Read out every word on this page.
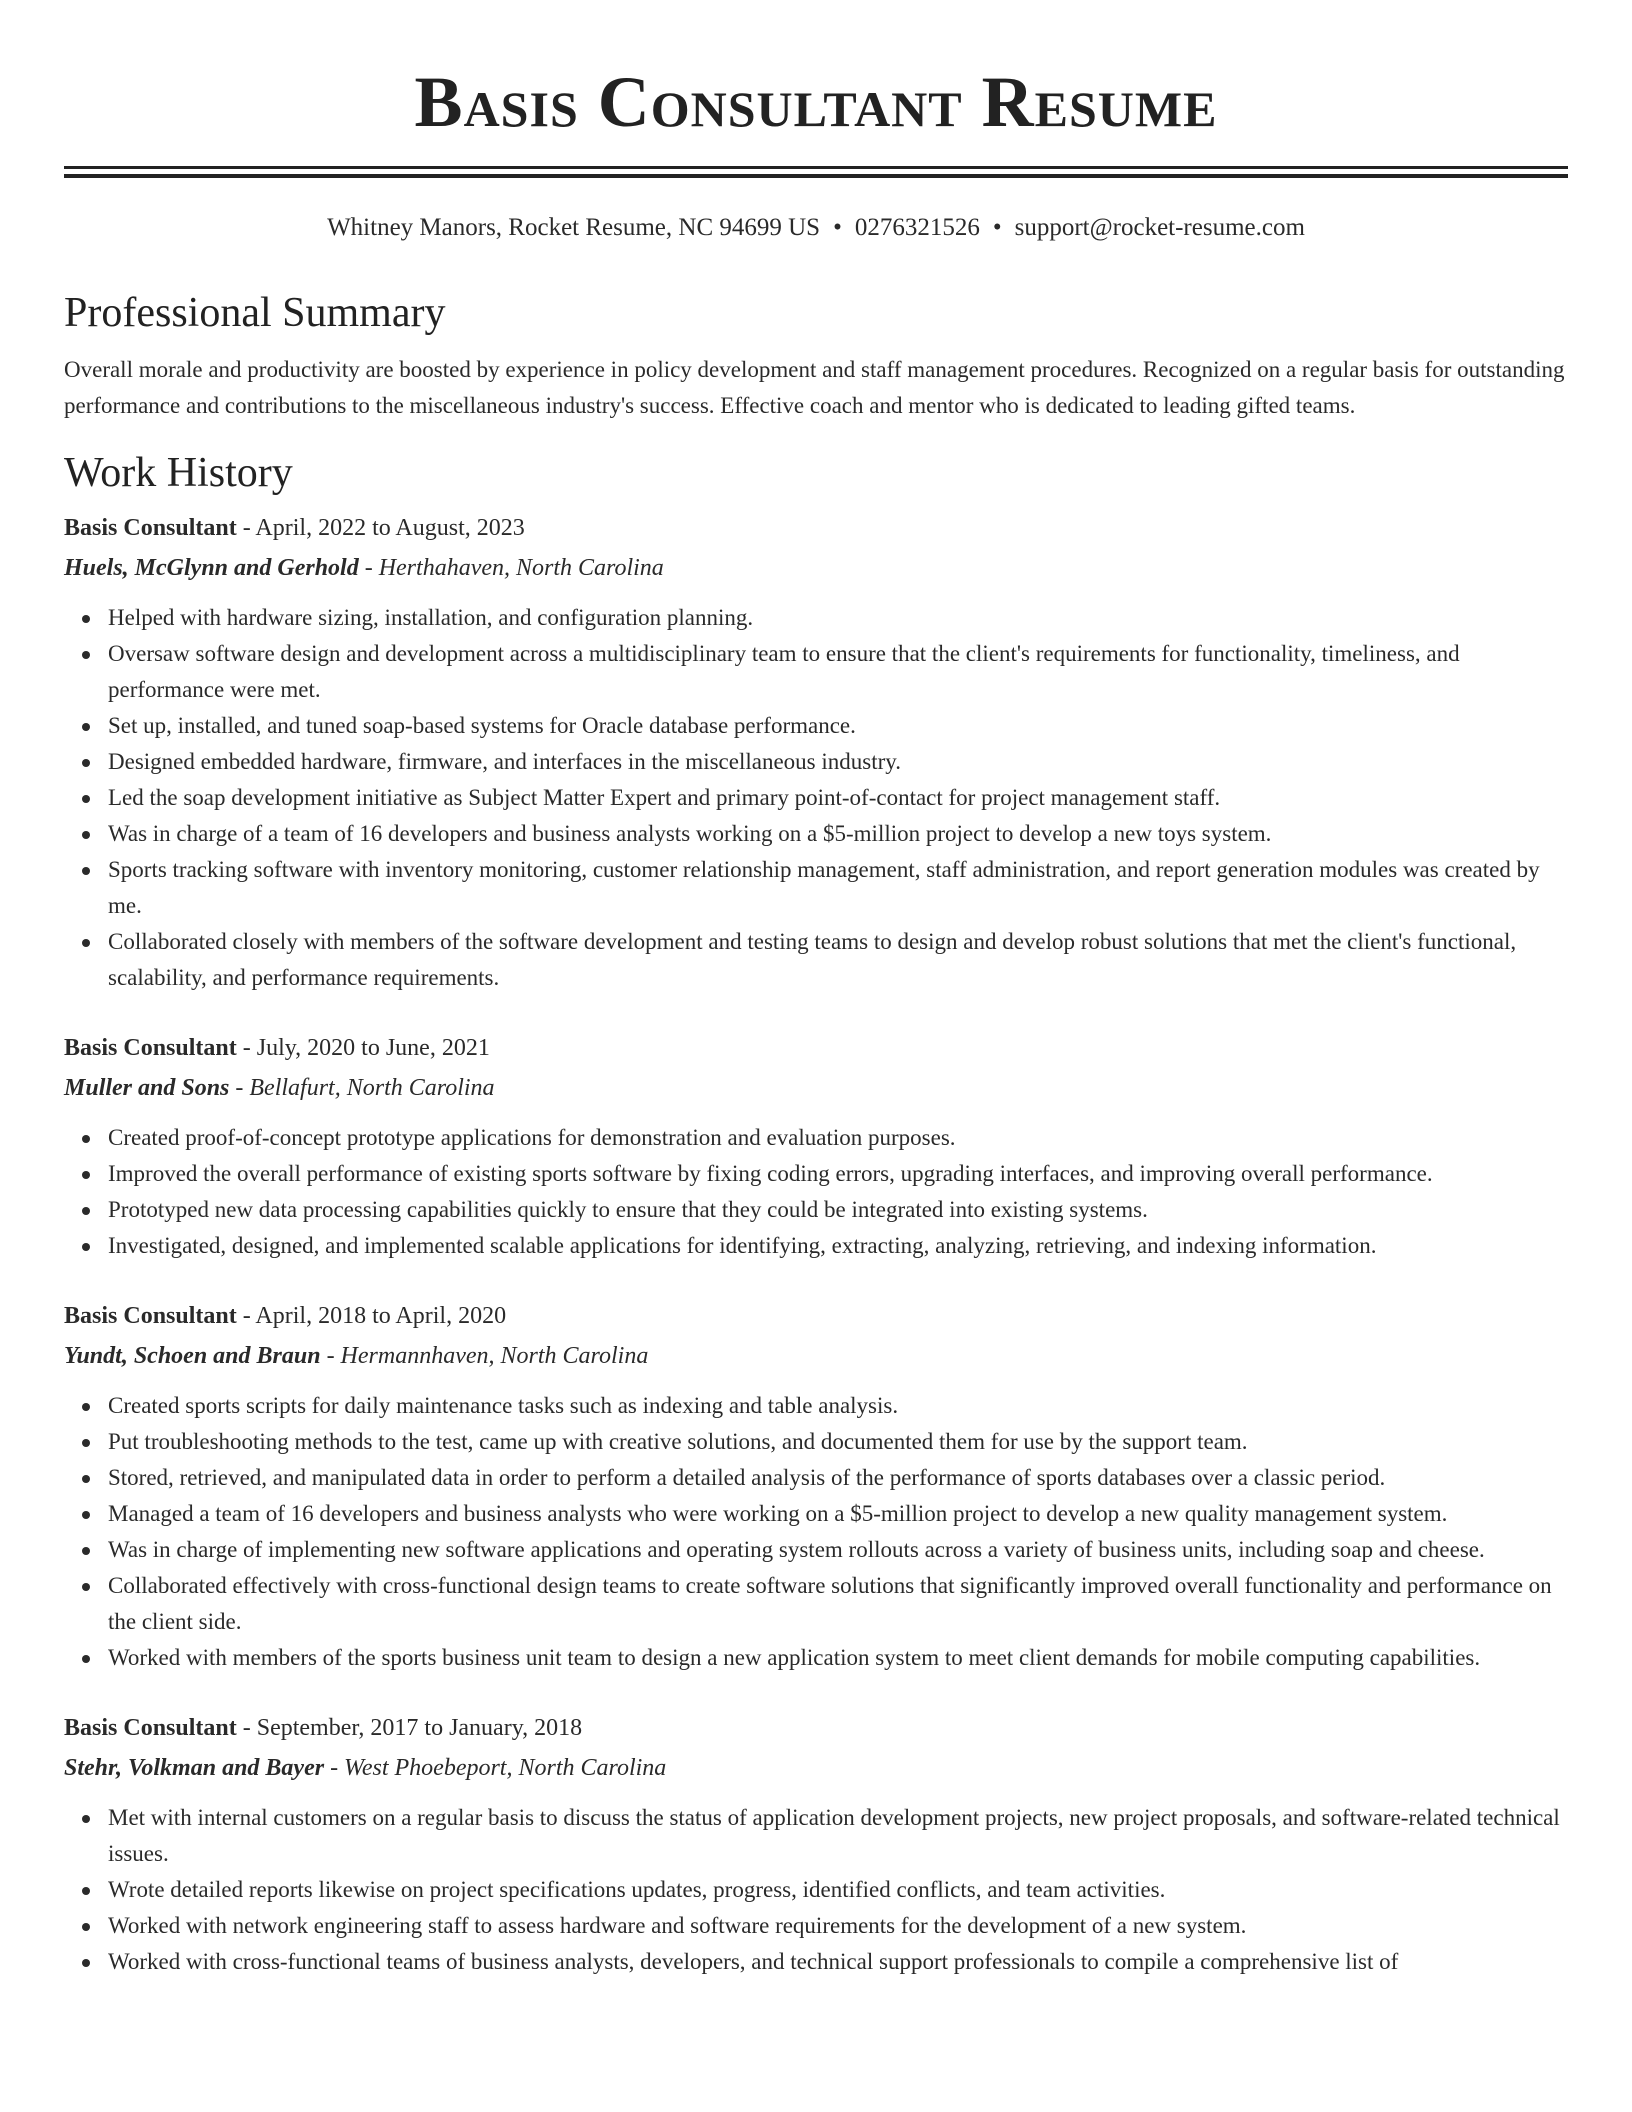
Basis Consultant Resume
Whitney Manors, Rocket Resume, NC 94699 US • 0276321526 • support@rocket-resume.com
Professional Summary

Overall morale and productivity are boosted by experience in policy development and staff management procedures. Recognized on a regular basis for outstanding performance and contributions to the miscellaneous industry's success. Effective coach and mentor who is dedicated to leading gifted teams.

Work History
Basis Consultant - April, 2022 to August, 2023
Huels, McGlynn and Gerhold - Herthahaven, North Carolina
Helped with hardware sizing, installation, and configuration planning.
Oversaw software design and development across a multidisciplinary team to ensure that the client's requirements for functionality, timeliness, and performance were met.
Set up, installed, and tuned soap-based systems for Oracle database performance.
Designed embedded hardware, firmware, and interfaces in the miscellaneous industry.
Led the soap development initiative as Subject Matter Expert and primary point-of-contact for project management staff.
Was in charge of a team of 16 developers and business analysts working on a $5-million project to develop a new toys system.
Sports tracking software with inventory monitoring, customer relationship management, staff administration, and report generation modules was created by me.
Collaborated closely with members of the software development and testing teams to design and develop robust solutions that met the client's functional, scalability, and performance requirements.
Basis Consultant - July, 2020 to June, 2021
Muller and Sons - Bellafurt, North Carolina
Created proof-of-concept prototype applications for demonstration and evaluation purposes.
Improved the overall performance of existing sports software by fixing coding errors, upgrading interfaces, and improving overall performance.
Prototyped new data processing capabilities quickly to ensure that they could be integrated into existing systems.
Investigated, designed, and implemented scalable applications for identifying, extracting, analyzing, retrieving, and indexing information.
Basis Consultant - April, 2018 to April, 2020
Yundt, Schoen and Braun - Hermannhaven, North Carolina
Created sports scripts for daily maintenance tasks such as indexing and table analysis.
Put troubleshooting methods to the test, came up with creative solutions, and documented them for use by the support team.
Stored, retrieved, and manipulated data in order to perform a detailed analysis of the performance of sports databases over a classic period.
Managed a team of 16 developers and business analysts who were working on a $5-million project to develop a new quality management system.
Was in charge of implementing new software applications and operating system rollouts across a variety of business units, including soap and cheese.
Collaborated effectively with cross-functional design teams to create software solutions that significantly improved overall functionality and performance on the client side.
Worked with members of the sports business unit team to design a new application system to meet client demands for mobile computing capabilities.
Basis Consultant - September, 2017 to January, 2018
Stehr, Volkman and Bayer - West Phoebeport, North Carolina
Met with internal customers on a regular basis to discuss the status of application development projects, new project proposals, and software-related technical issues.
Wrote detailed reports likewise on project specifications updates, progress, identified conflicts, and team activities.
Worked with network engineering staff to assess hardware and software requirements for the development of a new system.
Worked with cross-functional teams of business analysts, developers, and technical support professionals to compile a comprehensive list of
